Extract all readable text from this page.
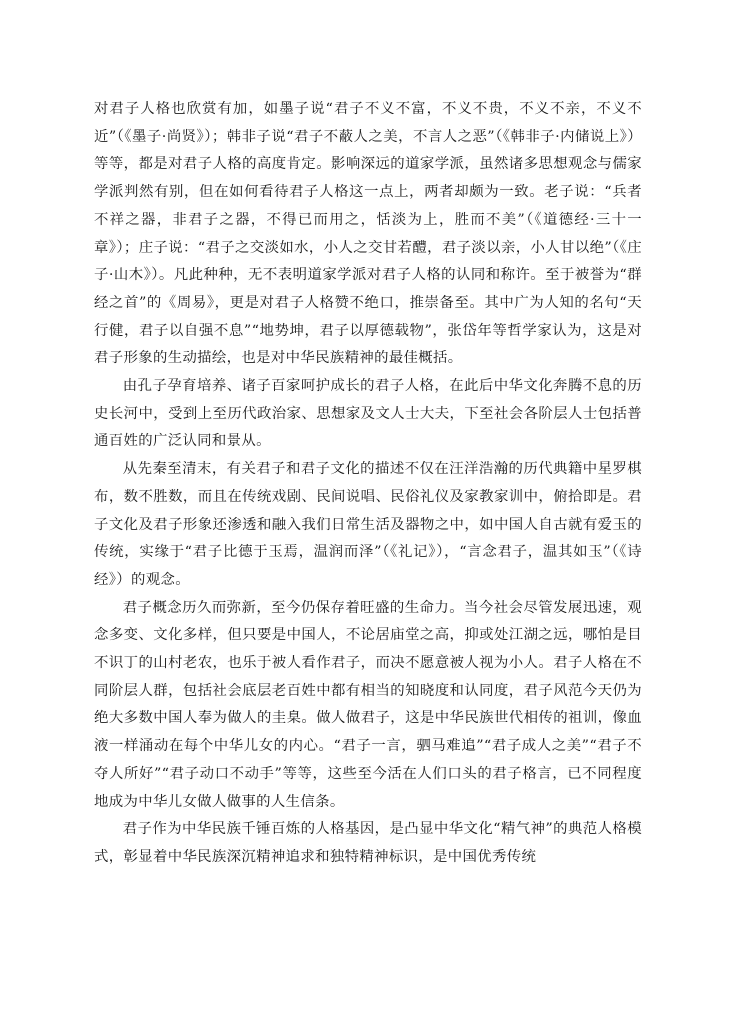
对君子人格也欣赏有加，如墨子说“君子不义不富，不义不贵，不义不亲，不义不近”（《墨子·尚贤》）；韩非子说“君子不蔽人之美，不言人之恶”（《韩非子·内储说上》）等等，都是对君子人格的高度肯定。影响深远的道家学派，虽然诸多思想观念与儒家学派判然有别，但在如何看待君子人格这一点上，两者却颇为一致。老子说：“兵者不祥之器，非君子之器，不得已而用之，恬淡为上，胜而不美”（《道德经·三十一章》）；庄子说：“君子之交淡如水，小人之交甘若醴，君子淡以亲，小人甘以绝”（《庄子·山木》）。凡此种种，无不表明道家学派对君子人格的认同和称许。至于被誉为“群经之首”的《周易》，更是对君子人格赞不绝口，推崇备至。其中广为人知的名句“天行健，君子以自强不息”“地势坤，君子以厚德载物”，张岱年等哲学家认为，这是对君子形象的生动描绘，也是对中华民族精神的最佳概括。

由孔子孕育培养、诸子百家呵护成长的君子人格，在此后中华文化奔腾不息的历史长河中，受到上至历代政治家、思想家及文人士大夫，下至社会各阶层人士包括普通百姓的广泛认同和景从。

从先秦至清末，有关君子和君子文化的描述不仅在汪洋浩瀚的历代典籍中星罗棋布，数不胜数，而且在传统戏剧、民间说唱、民俗礼仪及家教家训中，俯拾即是。君子文化及君子形象还渗透和融入我们日常生活及器物之中，如中国人自古就有爱玉的传统，实缘于“君子比德于玉焉，温润而泽”（《礼记》），“言念君子，温其如玉”（《诗经》）的观念。

君子概念历久而弥新，至今仍保存着旺盛的生命力。当今社会尽管发展迅速，观念多变、文化多样，但只要是中国人，不论居庙堂之高，抑或处江湖之远，哪怕是目不识丁的山村老农，也乐于被人看作君子，而决不愿意被人视为小人。君子人格在不同阶层人群，包括社会底层老百姓中都有相当的知晓度和认同度，君子风范今天仍为绝大多数中国人奉为做人的圭臬。做人做君子，这是中华民族世代相传的祖训，像血液一样涌动在每个中华儿女的内心。“君子一言，驷马难追”“君子成人之美”“君子不夺人所好”“君子动口不动手”等等，这些至今活在人们口头的君子格言，已不同程度地成为中华儿女做人做事的人生信条。

君子作为中华民族千锤百炼的人格基因，是凸显中华文化“精气神”的典范人格模式，彰显着中华民族深沉精神追求和独特精神标识，是中国优秀传统
